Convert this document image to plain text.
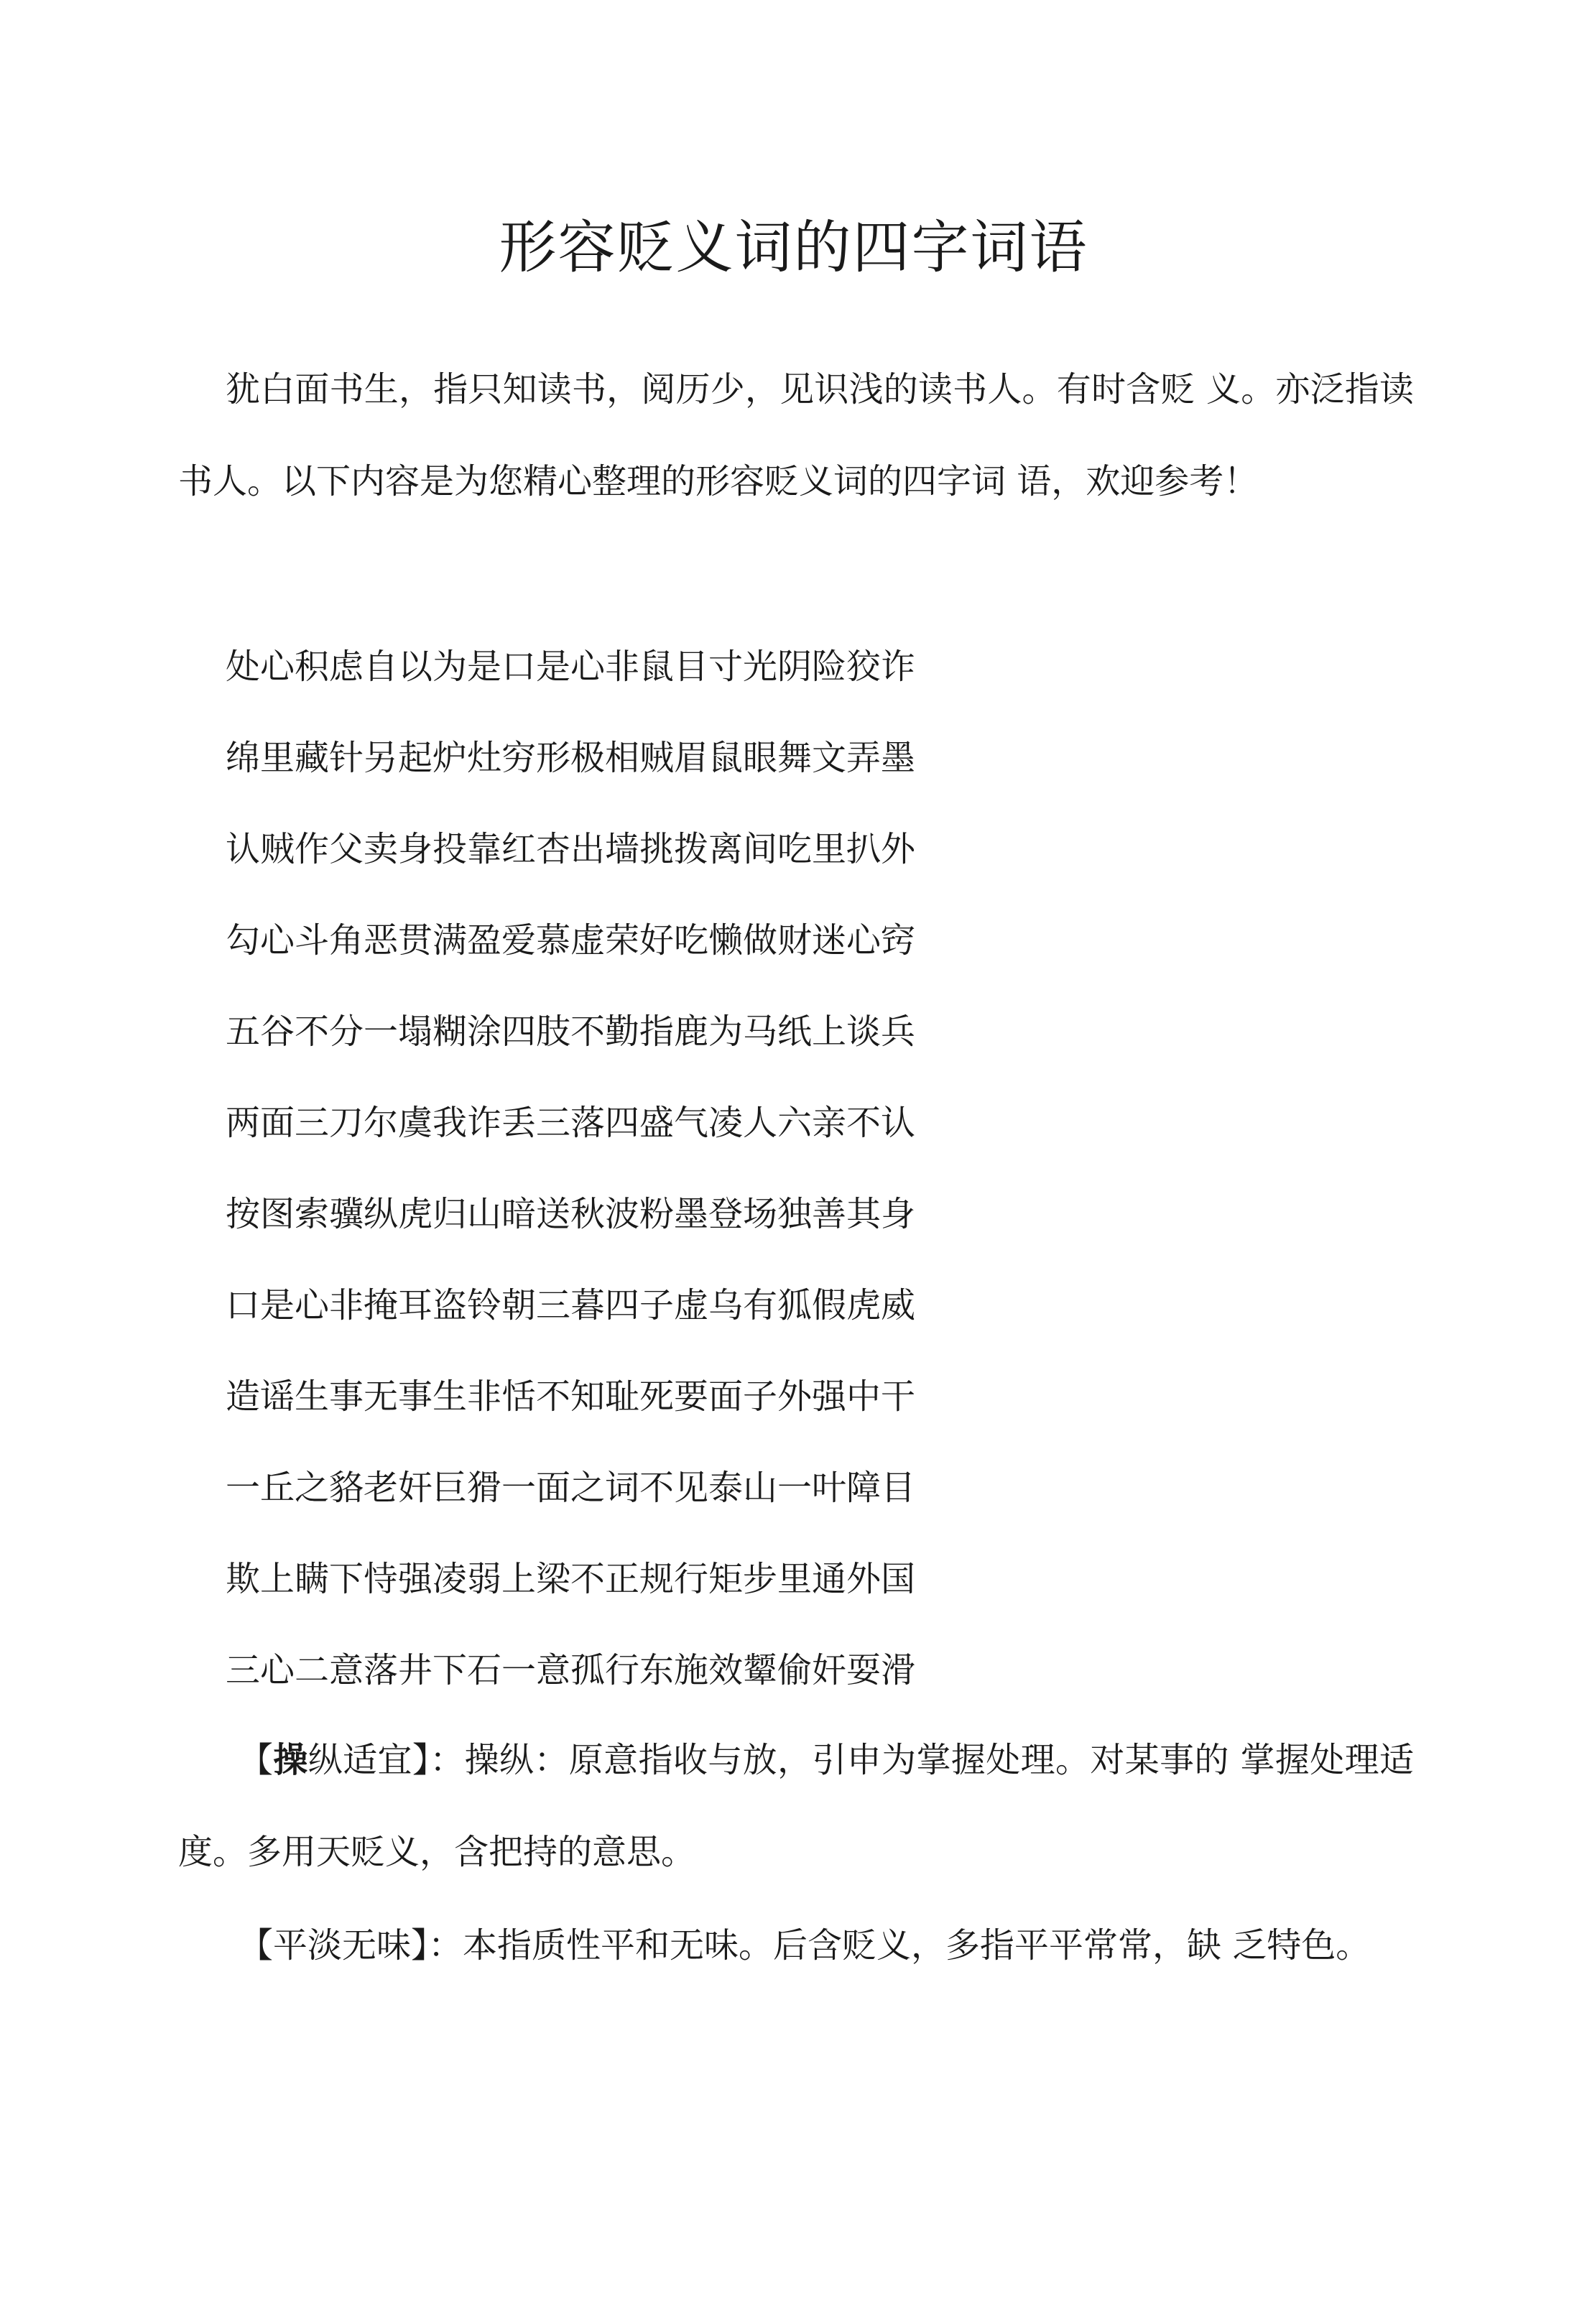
形容贬义词的四字词语

犹白面书生，指只知读书，阅历少，见识浅的读书人。有时含贬 义。亦泛指读书人。以下内容是为您精心整理的形容贬义词的四字词 语，欢迎参考！

处心积虑自以为是口是心非鼠目寸光阴险狡诈

绵里藏针另起炉灶穷形极相贼眉鼠眼舞文弄墨

认贼作父卖身投靠红杏出墙挑拨离间吃里扒外

勾心斗角恶贯满盈爱慕虚荣好吃懒做财迷心窍

五谷不分一塌糊涂四肢不勤指鹿为马纸上谈兵

两面三刀尔虞我诈丢三落四盛气凌人六亲不认

按图索骥纵虎归山暗送秋波粉墨登场独善其身

口是心非掩耳盗铃朝三暮四子虚乌有狐假虎威

造谣生事无事生非恬不知耻死要面子外强中干

一丘之貉老奸巨猾一面之词不见泰山一叶障目

欺上瞒下恃强凌弱上梁不正规行矩步里通外国

三心二意落井下石一意孤行东施效颦偷奸耍滑

【操纵适宜】：操纵：原意指收与放，引申为掌握处理。对某事的 掌握处理适度。多用天贬义，含把持的意思。

【平淡无味】：本指质性平和无味。后含贬义，多指平平常常，缺 乏特色。
